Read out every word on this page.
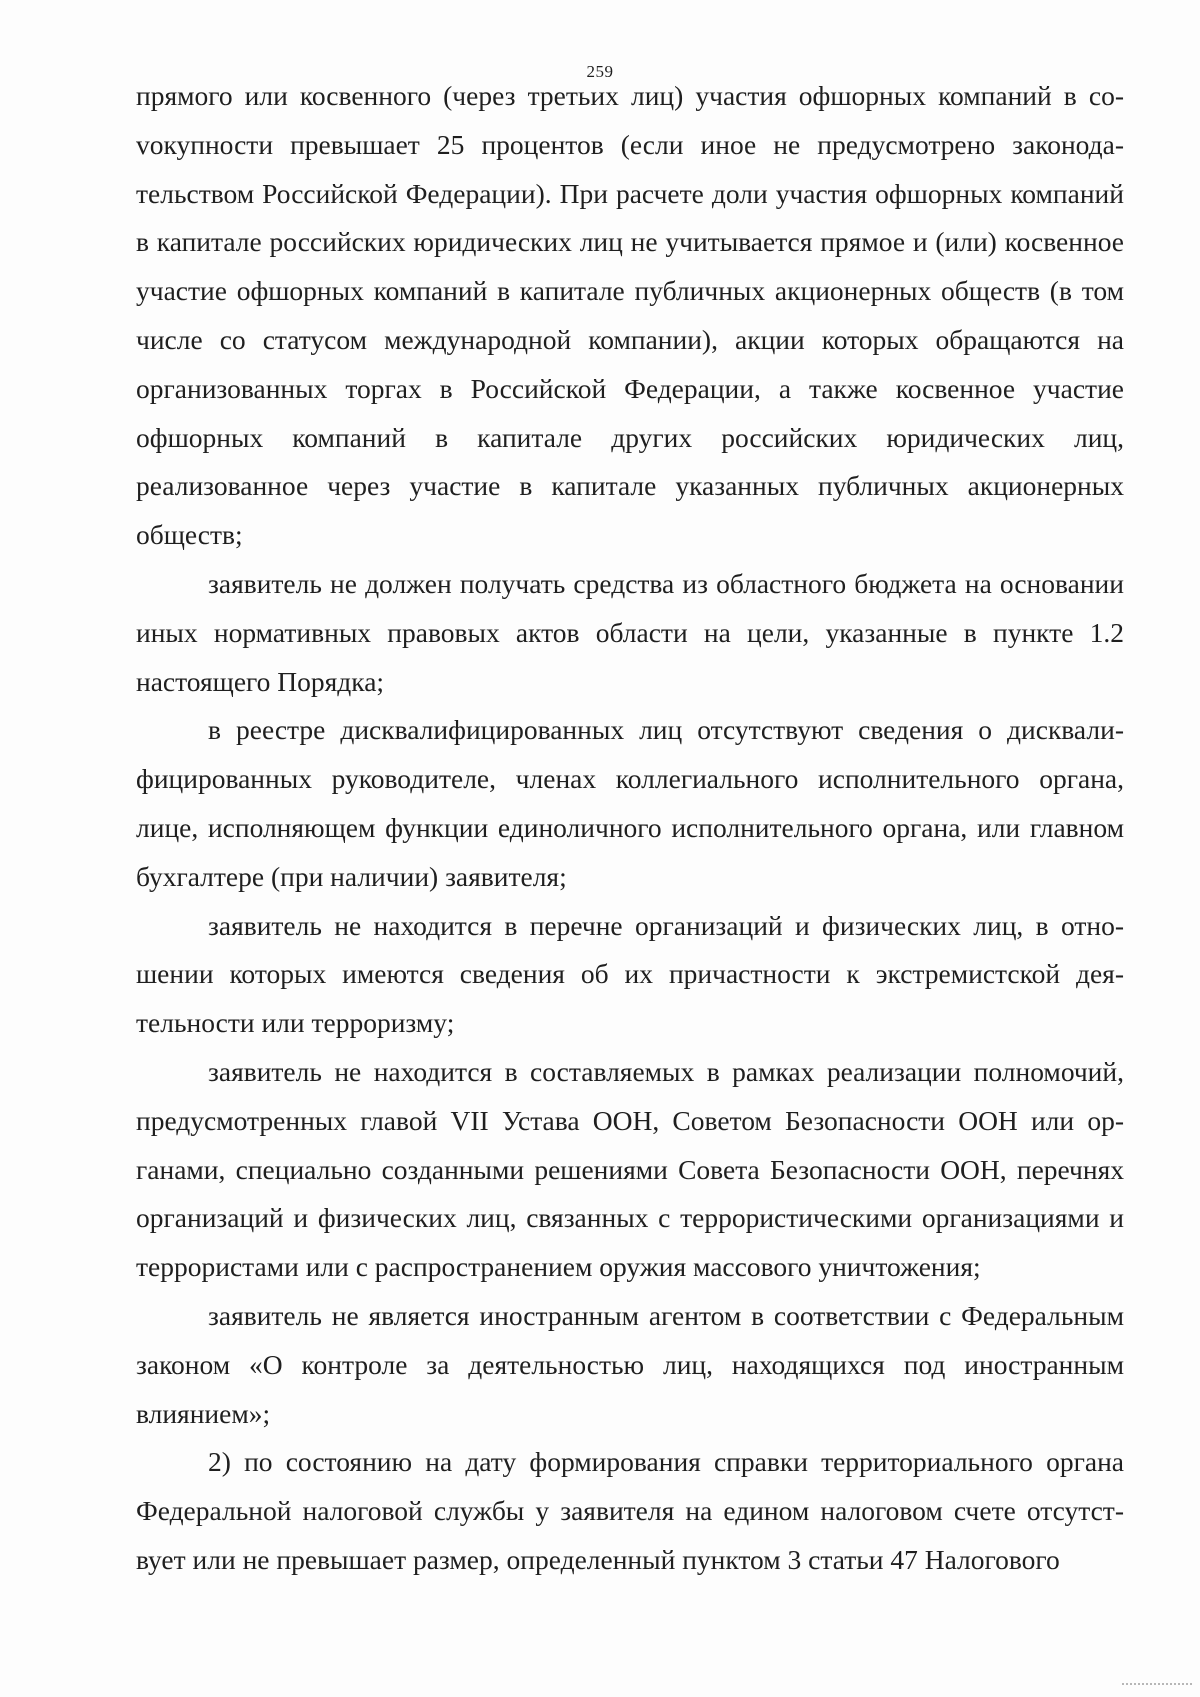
259

прямого или косвенного (через третьих лиц) участия офшорных компаний в соvокупности превышает 25 процентов (если иное не предусмотрено законодательством Российской Федерации). При расчете доли участия офшорных компаний в капитале российских юридических лиц не учитывается прямое и (или) косвенное участие офшорных компаний в капитале публичных акционерных обществ (в том числе со статусом международной компании), акции которых обращаются на организованных торгах в Российской Федерации, а также косвенное участие офшорных компаний в капитале других российских юридических лиц, реализованное через участие в капитале указанных публичных акционерных обществ;

заявитель не должен получать средства из областного бюджета на основании иных нормативных правовых актов области на цели, указанные в пункте 1.2 настоящего Порядка;

в реестре дисквалифицированных лиц отсутствуют сведения о дисквалифицированных руководителе, членах коллегиального исполнительного органа, лице, исполняющем функции единоличного исполнительного органа, или главном бухгалтере (при наличии) заявителя;

заявитель не находится в перечне организаций и физических лиц, в отношении которых имеются сведения об их причастности к экстремистской деятельности или терроризму;

заявитель не находится в составляемых в рамках реализации полномочий, предусмотренных главой VII Устава ООН, Советом Безопасности ООН или органами, специально созданными решениями Совета Безопасности ООН, перечнях организаций и физических лиц, связанных с террористическими организациями и террористами или с распространением оружия массового уничтожения;

заявитель не является иностранным агентом в соответствии с Федеральным законом «О контроле за деятельностью лиц, находящихся под иностранным влиянием»;

2) по состоянию на дату формирования справки территориального органа Федеральной налоговой службы у заявителя на едином налоговом счете отсутствует или не превышает размер, определенный пунктом 3 статьи 47 Налогового
